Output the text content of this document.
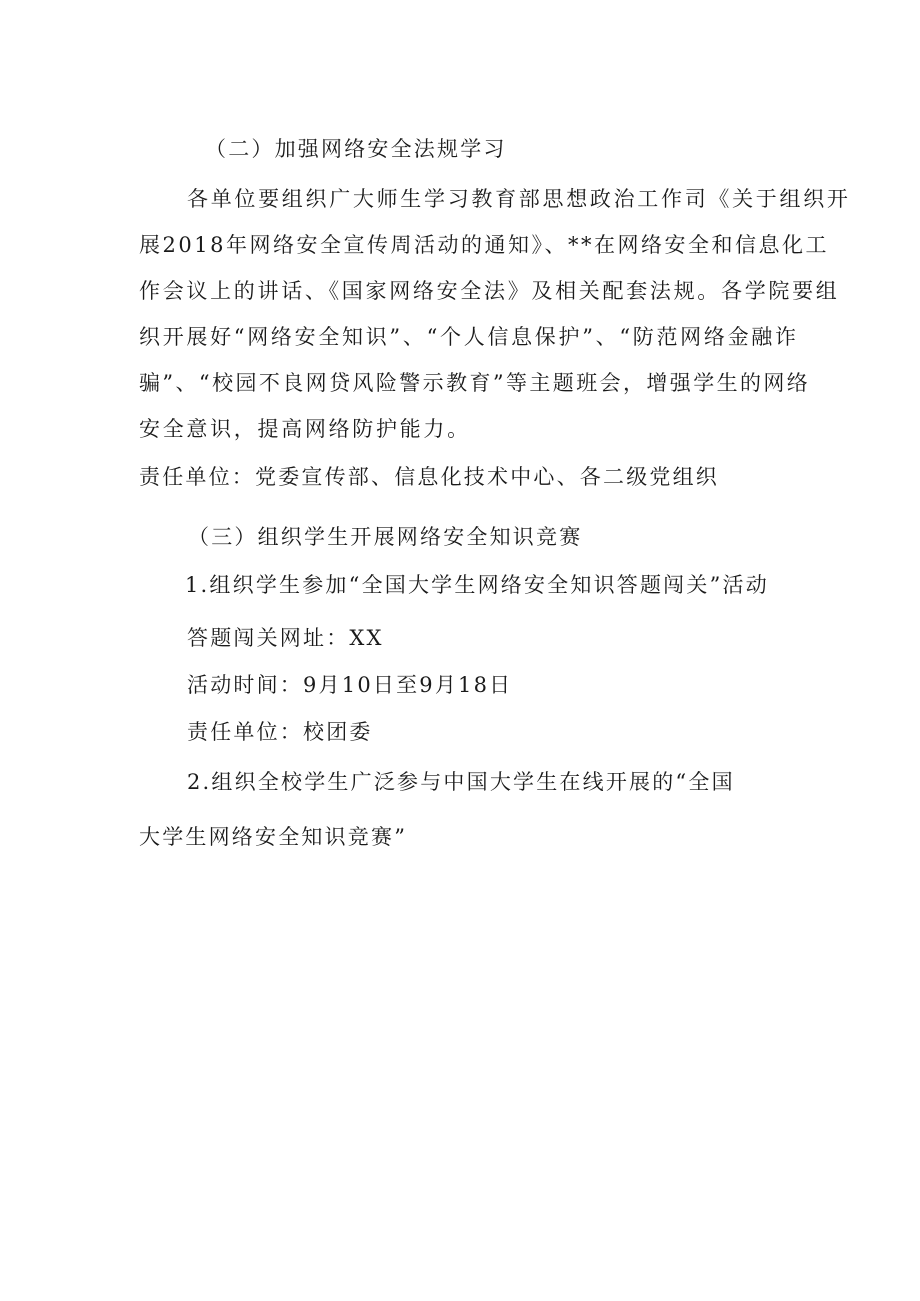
（二）加强网络安全法规学习
各单位要组织广大师生学习教育部思想政治工作司《关于组织开
展2018年网络安全宣传周活动的通知》、**在网络安全和信息化工
作会议上的讲话、《国家网络安全法》及相关配套法规。各学院要组
织开展好“网络安全知识”、“个人信息保护”、“防范网络金融诈
骗”、“校园不良网贷风险警示教育”等主题班会，增强学生的网络
安全意识，提高网络防护能力。
责任单位：党委宣传部、信息化技术中心、各二级党组织
（三）组织学生开展网络安全知识竞赛
1.组织学生参加“全国大学生网络安全知识答题闯关”活动
答题闯关网址：XX
活动时间：9月10日至9月18日
责任单位：校团委
2.组织全校学生广泛参与中国大学生在线开展的“全国
大学生网络安全知识竞赛”
